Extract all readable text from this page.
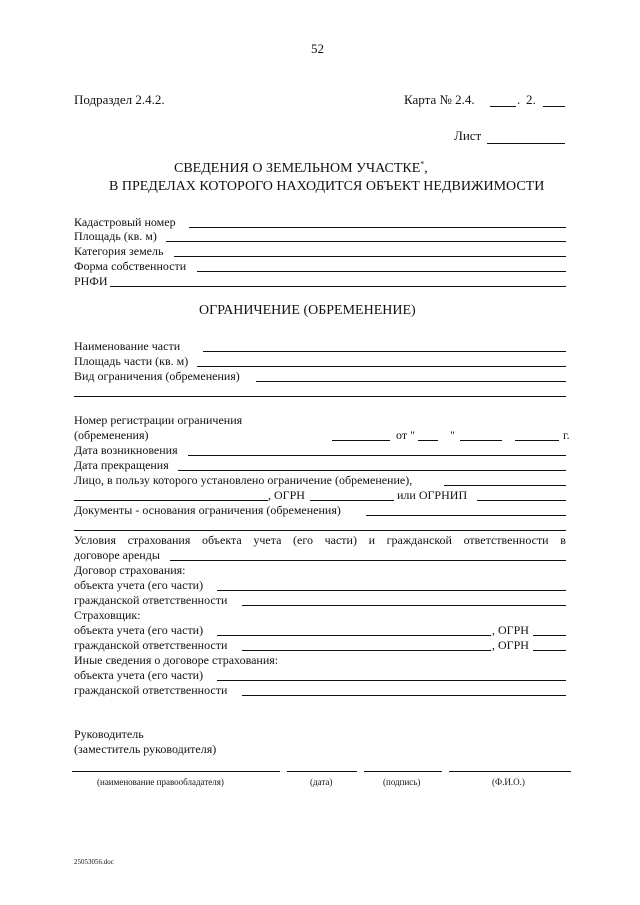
52
Подраздел 2.4.2.	Карта № 2.4.	. 2.
Лист
СВЕДЕНИЯ О ЗЕМЕЛЬНОМ УЧАСТКЕ*,
В ПРЕДЕЛАХ КОТОРОГО НАХОДИТСЯ ОБЪЕКТ НЕДВИЖИМОСТИ
Кадастровый номер
Площадь (кв. м)
Категория земель
Форма собственности
РНФИ
ОГРАНИЧЕНИЕ (ОБРЕМЕНЕНИЕ)
Наименование части
Площадь части (кв. м)
Вид ограничения (обременения)
Номер регистрации ограничения
(обременения)	от "	"	г.
Дата возникновения
Дата прекращения
Лицо, в пользу которого установлено ограничение (обременение),
, ОГРН	или ОГРНИП
Документы - основания ограничения (обременения)
Условия страхования объекта учета (его части) и гражданской ответственности в
договоре аренды
Договор страхования:
объекта учета (его части)
гражданской ответственности
Страховщик:
объекта учета (его части)	, ОГРН
гражданской ответственности	, ОГРН
Иные сведения о договоре страхования:
объекта учета (его части)
гражданской ответственности
Руководитель
(заместитель руководителя)
(наименование правообладателя)	(дата)	(подпись)	(Ф.И.О.)
25053056.doc
